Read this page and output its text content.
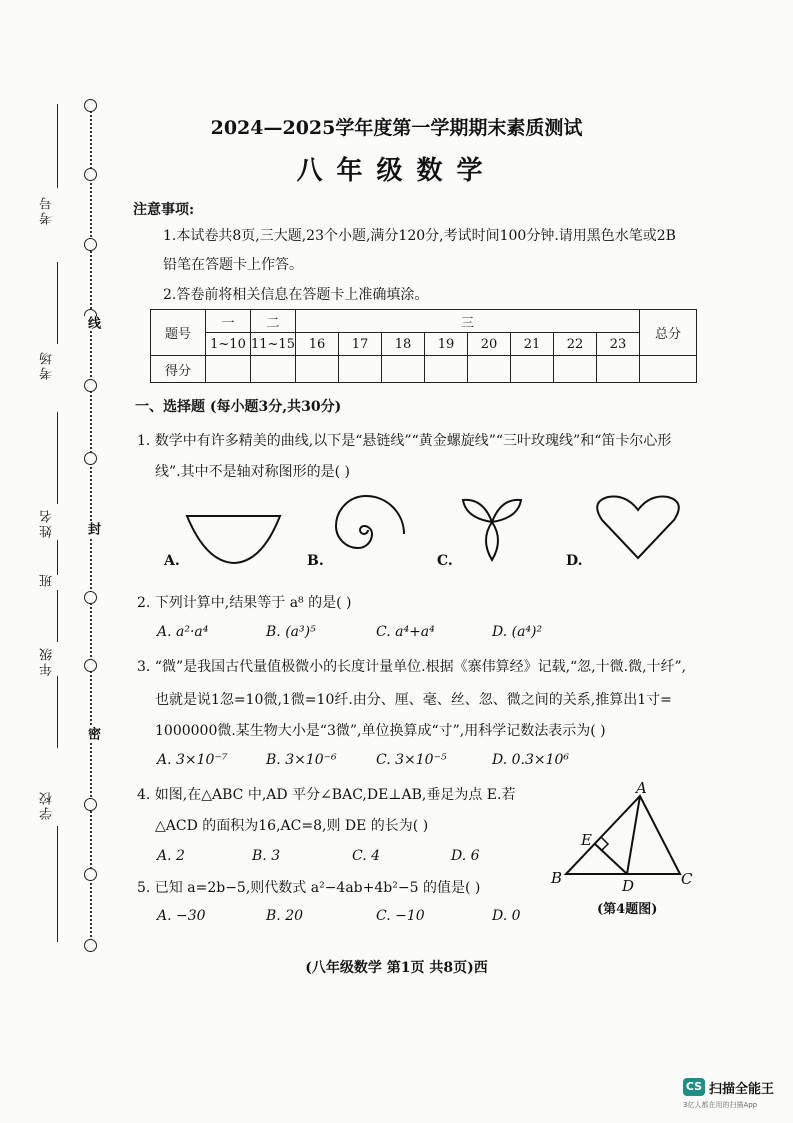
线
封
密
考号
考场
姓名
班
年级
学校
2024—2025学年度第一学期期末素质测试
八年级数学
注意事项:
1.本试卷共8页,三大题,23个小题,满分120分,考试时间100分钟.请用黑色水笔或2B
铅笔在答题卡上作答。
2.答卷前将相关信息在答题卡上准确填涂。
题号	一	二	三								总分
	1~10	11~15	16	17	18	19	20	21	22	23	
得分											
一、选择题 (每小题3分,共30分)
1. 数学中有许多精美的曲线,以下是“悬链线”“黄金螺旋线”“三叶玫瑰线”和“笛卡尔心形
线”.其中不是轴对称图形的是( )
A.	B.	C.	D.
2. 下列计算中,结果等于 a⁸ 的是( )
A. a²·a⁴	B. (a³)⁵	C. a⁴+a⁴	D. (a⁴)²
3. “微”是我国古代量值极微小的长度计量单位.根据《寨伟算经》记载,“忽,十微.微,十纤”,
也就是说1忽=10微,1微=10纤.由分、厘、毫、丝、忽、微之间的关系,推算出1寸=
1000000微.某生物大小是“3微”,单位换算成“寸”,用科学记数法表示为( )
A. 3×10⁻⁷	B. 3×10⁻⁶	C. 3×10⁻⁵	D. 0.3×10⁶
4. 如图,在△ABC 中,AD 平分∠BAC,DE⊥AB,垂足为点 E.若
△ACD 的面积为16,AC=8,则 DE 的长为( )
A. 2	B. 3	C. 4	D. 6
A
B	C
D
E
(第4题图)
5. 已知 a=2b−5,则代数式 a²−4ab+4b²−5 的值是( )
A. −30	B. 20	C. −10	D. 0
(八年级数学 第1页 共8页)西
CS 扫描全能王
3亿人都在用的扫描App
